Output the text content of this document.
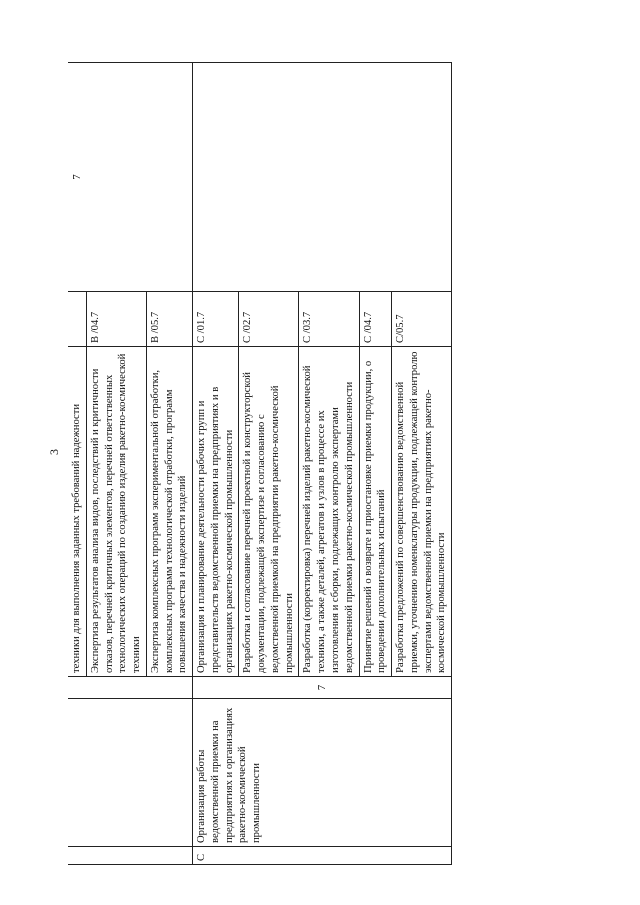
3
			техники для выполнения заданных требований надежности		7
			Экспертиза результатов анализа видов, последствий и критичности отказов, перечней критичных элементов, перечней ответственных технологических операций по созданию изделия ракетно-космической техники	B /04.7	
			Экспертиза комплексных программ экспериментальной отработки, комплексных программ технологической отработки, программ повышения качества и надежности изделий	B /05.7	
C	Организация работы ведомственной приемки на предприятиях и организациях ракетно-космической промышленности	7	Организация и планирование деятельности рабочих групп и представительств ведомственной приемки на предприятиях и в организациях ракетно-космической промышленности	C /01.7	
			Разработка и согласование перечней проектной и конструкторской документации, подлежащей экспертизе и согласованию с ведомственной приемкой на предприятии ракетно-космической промышленности	C /02.7	
			Разработка (корректировка) перечней изделий ракетно-космической техники, а также деталей, агрегатов и узлов в процессе их изготовления и сборки, подлежащих контролю экспертами ведомственной приемки ракетно-космической промышленности	C /03.7	
			Принятие решений о возврате и приостановке приемки продукции, о проведении дополнительных испытаний	C /04.7	
			Разработка предложений по совершенствованию ведомственной приемки, уточнению номенклатуры продукции, подлежащей контролю экспертами ведомственной приемки на предприятиях ракетно-космической промышленности	C/05.7	
